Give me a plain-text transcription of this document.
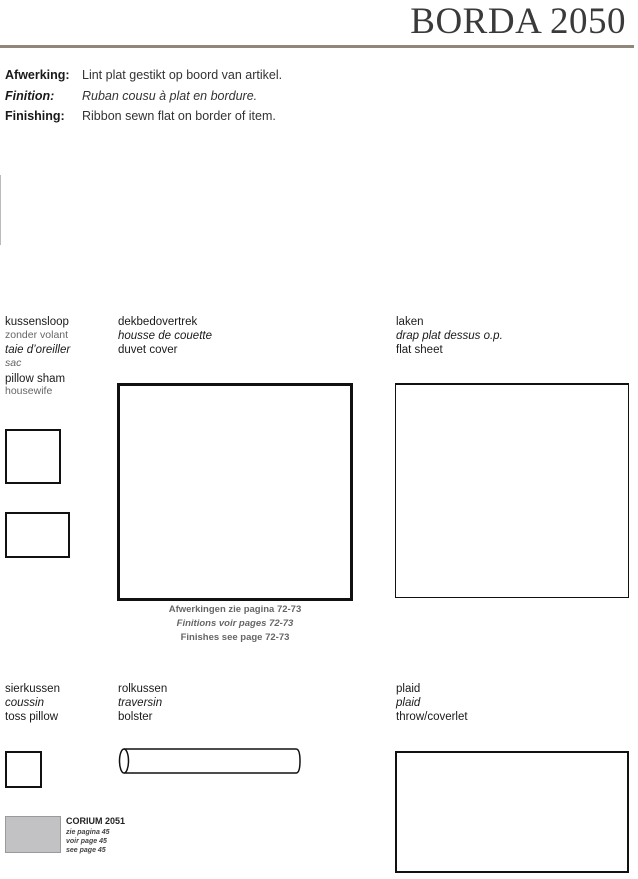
BORDA 2050
Afwerking: Lint plat gestikt op boord van artikel.
Finition: Ruban cousu à plat en bordure.
Finishing: Ribbon sewn flat on border of item.
kussensloop
zonder volant
taie d’oreiller
sac
pillow sham
housewife
dekbedovertrek
housse de couette
duvet cover
Afwerkingen zie pagina 72-73
Finitions voir pages 72-73
Finishes see page 72-73
laken
drap plat dessus o.p.
flat sheet
sierkussen
coussin
toss pillow
rolkussen
traversin
bolster
plaid
plaid
throw/coverlet
CORIUM 2051
zie pagina 45
voir page 45
see page 45
